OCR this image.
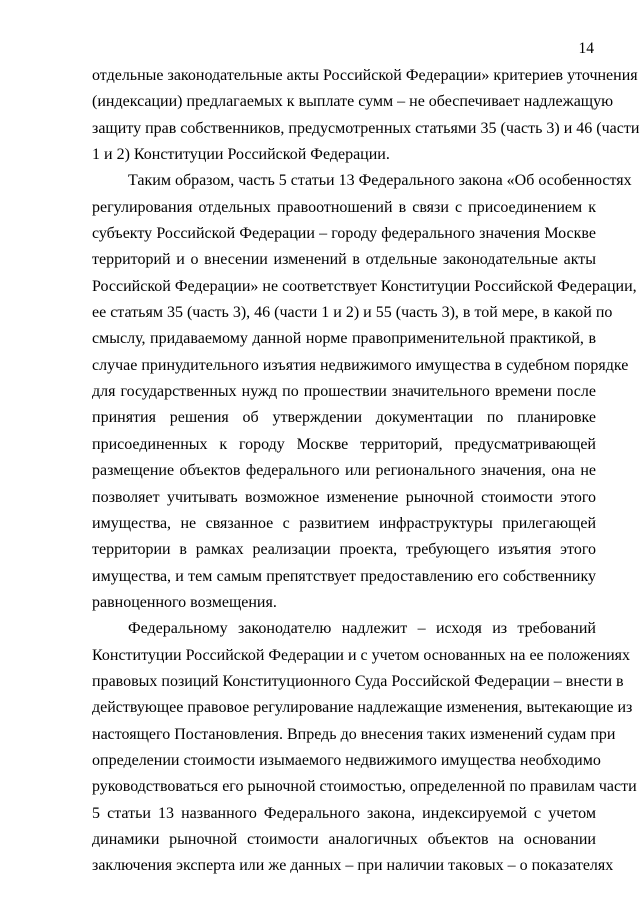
14
отдельные законодательные акты Российской Федерации» критериев уточнения
(индексации) предлагаемых к выплате сумм – не обеспечивает надлежащую
защиту прав собственников, предусмотренных статьями 35 (часть 3) и 46 (части
1 и 2) Конституции Российской Федерации.
Таким образом, часть 5 статьи 13 Федерального закона «Об особенностях
регулирования отдельных правоотношений в связи с присоединением к
субъекту Российской Федерации – городу федерального значения Москве
территорий и о внесении изменений в отдельные законодательные акты
Российской Федерации» не соответствует Конституции Российской Федерации,
ее статьям 35 (часть 3), 46 (части 1 и 2) и 55 (часть 3), в той мере, в какой по
смыслу, придаваемому данной норме правоприменительной практикой, в
случае принудительного изъятия недвижимого имущества в судебном порядке
для государственных нужд по прошествии значительного времени после
принятия решения об утверждении документации по планировке
присоединенных к городу Москве территорий, предусматривающей
размещение объектов федерального или регионального значения, она не
позволяет учитывать возможное изменение рыночной стоимости этого
имущества, не связанное с развитием инфраструктуры прилегающей
территории в рамках реализации проекта, требующего изъятия этого
имущества, и тем самым препятствует предоставлению его собственнику
равноценного возмещения.
Федеральному законодателю надлежит – исходя из требований
Конституции Российской Федерации и с учетом основанных на ее положениях
правовых позиций Конституционного Суда Российской Федерации – внести в
действующее правовое регулирование надлежащие изменения, вытекающие из
настоящего Постановления. Впредь до внесения таких изменений судам при
определении стоимости изымаемого недвижимого имущества необходимо
руководствоваться его рыночной стоимостью, определенной по правилам части
5 статьи 13 названного Федерального закона, индексируемой с учетом
динамики рыночной стоимости аналогичных объектов на основании
заключения эксперта или же данных – при наличии таковых – о показателях
